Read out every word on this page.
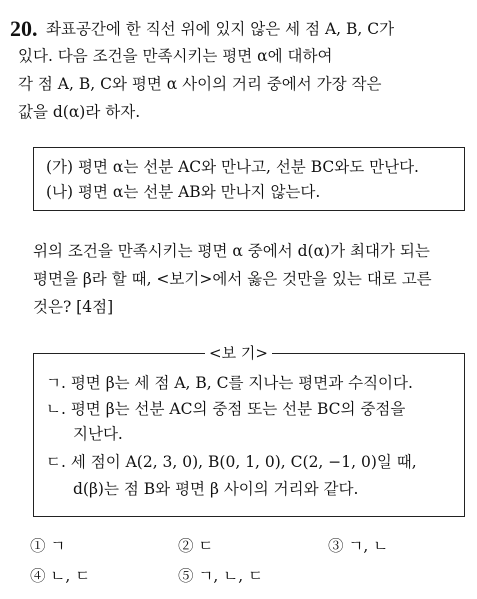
20. 좌표공간에 한 직선 위에 있지 않은 세 점 A, B, C가
있다. 다음 조건을 만족시키는 평면 α에 대하여
각 점 A, B, C와 평면 α 사이의 거리 중에서 가장 작은
값을 d(α)라 하자.
(가) 평면 α는 선분 AC와 만나고, 선분 BC와도 만난다.
(나) 평면 α는 선분 AB와 만나지 않는다.
위의 조건을 만족시키는 평면 α 중에서 d(α)가 최대가 되는
평면을 β라 할 때, <보기>에서 옳은 것만을 있는 대로 고른
것은? [4점]
<보 기>
ㄱ. 평면 β는 세 점 A, B, C를 지나는 평면과 수직이다.
ㄴ. 평면 β는 선분 AC의 중점 또는 선분 BC의 중점을
지난다.
ㄷ. 세 점이 A(2, 3, 0), B(0, 1, 0), C(2, −1, 0)일 때,
d(β)는 점 B와 평면 β 사이의 거리와 같다.
① ㄱ	② ㄷ	③ ㄱ, ㄴ
④ ㄴ, ㄷ	⑤ ㄱ, ㄴ, ㄷ
